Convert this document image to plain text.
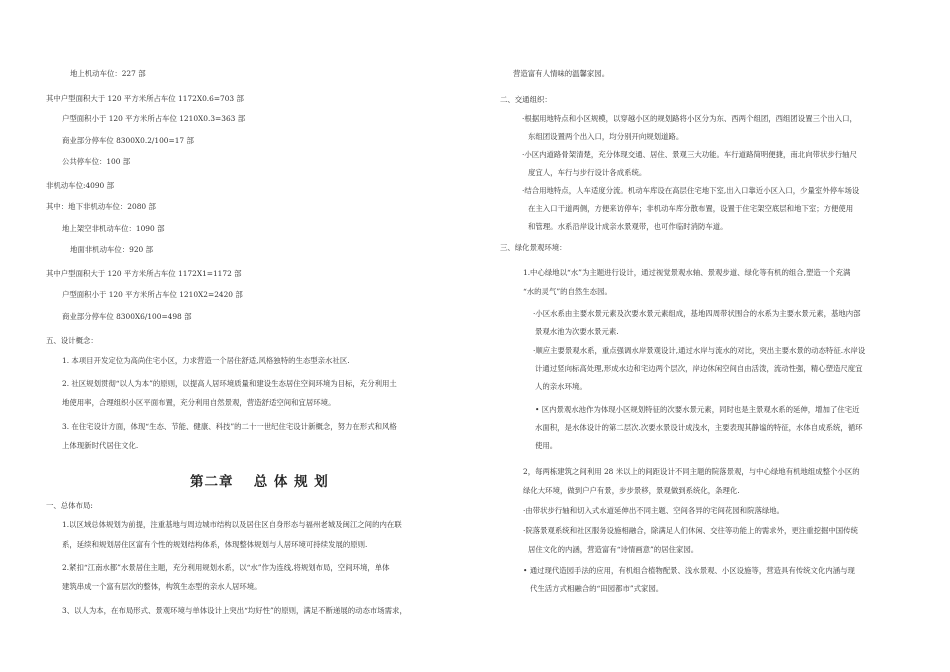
地上机动车位：227 部
其中户型面积大于 120 平方米所占车位 1172X0.6=703 部
户型面积小于 120 平方米所占车位 1210X0.3=363 部
商业部分停车位 8300X0.2/100=17 部
公共停车位：100 部
非机动车位:4090 部
其中：地下非机动车位：2080 部
地上架空非机动车位：1090 部
地面非机动车位：920 部
其中户型面积大于 120 平方米所占车位 1172X1=1172 部
户型面积小于 120 平方米所占车位 1210X2=2420 部
商业部分停车位 8300X6/100=498 部
五、设计概念：
1. 本项目开发定位为高尚住宅小区，力求营造一个居住舒适,风格独特的生态型亲水社区.
2. 社区规划贯彻“以人为本”的原则，以提高人居环境质量和建设生态居住空间环境为目标，充分利用土
地使用率，合理组织小区平面布置，充分利用自然景观，营造舒适空间和宜居环境。
3. 在住宅设计方面，体现“生态、节能、健康、科技”的二十一世纪住宅设计新概念，努力在形式和风格
上体现新时代居住文化.
第二章　 总 体 规 划
一、总体布局:
1.以区域总体规划为前提，注重基地与周边城市结构以及居住区自身形态与福州老城及闽江之间的内在联
系，延续和规划居住区富有个性的规划结构体系，体现整体规划与人居环境可持续发展的原则.
2.紧扣“江南水都”水景居住主题，充分利用规划水系，以“水”作为连线,将规划布局，空间环境，单体
建筑串成一个富有层次的整体，构筑生态型的亲水人居环境。
3、以人为本，在布局形式、景观环境与单体设计上突出“均好性”的原则，满足不断递展的动态市场需求，
营造富有人情味的温馨家园。
二、交通组织：
·根据用地特点和小区规模，以穿越小区的规划路将小区分为东、西两个组团，西组团设置三个出入口，
东组团设置两个出入口，均分别开向规划道路。
·小区内道路骨架清楚，充分体现交通、居住、景观三大功能。车行道路简明便捷，南北向带状步行轴尺
度宜人，车行与步行设计各成系统。
·结合用地特点，人车适度分流。机动车库设在高层住宅地下室,出入口靠近小区入口，少量室外停车场设
在主入口干道两侧，方便来访停车；非机动车库分散布置，设置于住宅架空底层和地下室；方便使用
和管理。水系沿岸设计成亲水景观带，也可作临时消防车道。
三、绿化景观环境：
1.中心绿地以“水”为主题进行设计，通过视觉景观水轴、景观步道、绿化等有机的组合,塑造一个充满
“水的灵气”的自然生态园。
·小区水系由主要水景元素及次要水景元素组成，基地四周带状围合的水系为主要水景元素，基地内部
景观水池为次要水景元素.
·顺应主要景观水系，重点强调水岸景观设计,通过水岸与流水的对比，突出主要水景的动态特征.水岸设
计通过竖向标高处理,形成水边和宅边两个层次，岸边休闲空间自由活泼，流动性强，精心塑造尺度宜
人的亲水环境。
• 区内景观水池作为体现小区规划特征的次要水景元素，同时也是主景观水系的延伸，增加了住宅近
水面积，是水体设计的第二层次.次要水景设计成浅水，主要表现其静谧的特征，水体自成系统，循环
使用。
2，每两栋建筑之间利用 28 米以上的间距设计不同主题的院落景观，与中心绿地有机地组成整个小区的
绿化大环境，做到户户有景，步步景移，景观做到系统化，条理化.
·由带状步行轴和切入式水道延伸出不同主题、空间各异的宅间花园和院落绿地。
·院落景观系统和社区服务设施相融合，除满足人们休闲、交往等功能上的需求外，更注重挖掘中国传统
居住文化的内涵，营造富有“诗情画意”的居住家园。
• 通过现代造园手法的应用，有机组合植物配景、浅水景观、小区设施等，营造具有传统文化内涵与现
代生活方式相融合的“田园都市”式家园。
